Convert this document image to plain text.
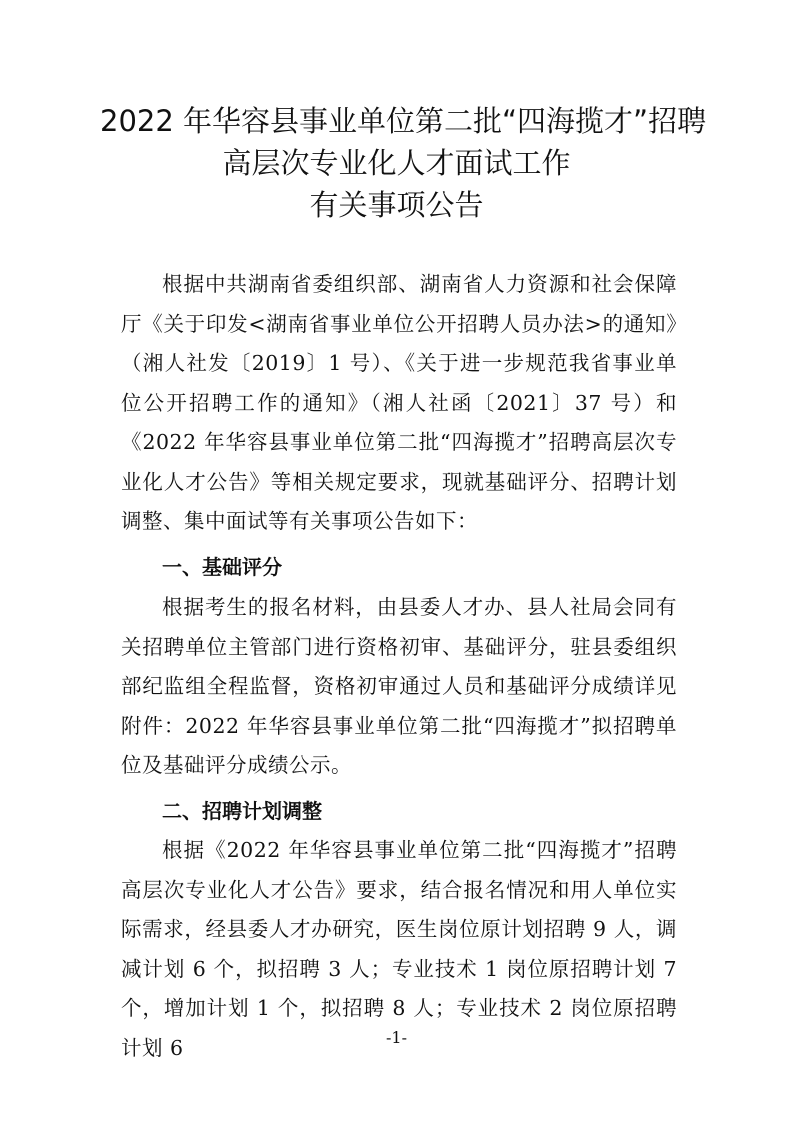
2022 年华容县事业单位第二批“四海揽才”招聘
高层次专业化人才面试工作
有关事项公告
根据中共湖南省委组织部、湖南省人力资源和社会保障厅《关于印发<湖南省事业单位公开招聘人员办法>的通知》（湘人社发〔2019〕1 号）、《关于进一步规范我省事业单位公开招聘工作的通知》（湘人社函〔2021〕37 号）和《2022 年华容县事业单位第二批“四海揽才”招聘高层次专业化人才公告》等相关规定要求，现就基础评分、招聘计划调整、集中面试等有关事项公告如下：
一、基础评分
根据考生的报名材料，由县委人才办、县人社局会同有关招聘单位主管部门进行资格初审、基础评分，驻县委组织部纪监组全程监督，资格初审通过人员和基础评分成绩详见附件：2022 年华容县事业单位第二批“四海揽才”拟招聘单位及基础评分成绩公示。
二、招聘计划调整
根据《2022 年华容县事业单位第二批“四海揽才”招聘高层次专业化人才公告》要求，结合报名情况和用人单位实际需求，经县委人才办研究，医生岗位原计划招聘 9 人，调减计划 6 个，拟招聘 3 人；专业技术 1 岗位原招聘计划 7 个，增加计划 1 个，拟招聘 8 人；专业技术 2 岗位原招聘计划 6	-1-
